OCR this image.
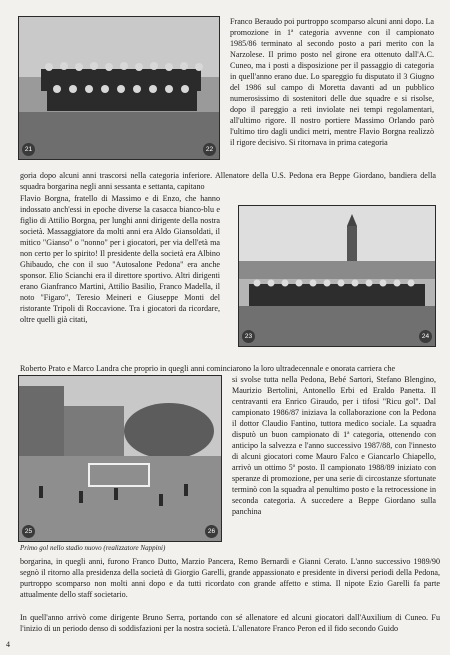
21	22
Franco Beraudo poi purtroppo scomparso alcuni anni dopo. La promozione in 1ª categoria avvenne con il campionato 1985/86 terminato al secondo posto a pari merito con la Narzolese. Il primo posto nel girone era ottenuto dall'A.C. Cuneo, ma i posti a disposizione per il passaggio di categoria in quell'anno erano due. Lo spareggio fu disputato il 3 Giugno del 1986 sul campo di Moretta davanti ad un pubblico numerosissimo di sostenitori delle due squadre e si risolse, dopo il pareggio a reti inviolate nei tempi regolamentari, all'ultimo rigore. Il nostro portiere Massimo Orlando parò l'ultimo tiro dagli undici metri, mentre Flavio Borgna realizzò il rigore decisivo. Si ritornava in prima categoria
goria dopo alcuni anni trascorsi nella categoria inferiore. Allenatore della U.S. Pedona era Beppe Giordano, bandiera della squadra borgarina negli anni sessanta e settanta, capitano
Flavio Borgna, fratello di Massimo e di Enzo, che hanno indossato anch'essi in epoche diverse la casacca bianco-blu e figlio di Attilio Borgna, per lunghi anni dirigente della nostra società. Massaggiatore da molti anni era Aldo Giansoldati, il mitico "Gianso" o "nonno" per i giocatori, per via dell'età ma non certo per lo spirito! Il presidente della società era Albino Ghibaudo, che con il suo "Autosalone Pedona" era anche sponsor. Elio Scianchi era il direttore sportivo. Altri dirigenti erano Gianfranco Martini, Attilio Basilio, Franco Madella, il noto "Figaro", Teresio Meineri e Giuseppe Monti del ristorante Tripoli di Roccavione. Tra i giocatori da ricordare, oltre quelli già citati,
23	24
Roberto Prato e Marco Landra che proprio in quegli anni cominciarono la loro ultradecennale e onorata carriera che
25	26
Primo gol nello stadio nuovo (realizzatore Nappini)
si svolse tutta nella Pedona, Bebé Sartori, Stefano Blengino, Maurizio Bertolini, Antonello Erbi ed Eraldo Panetta. Il centravanti era Enrico Giraudo, per i tifosi "Ricu gol". Dal campionato 1986/87 iniziava la collaborazione con la Pedona il dottor Claudio Fantino, tuttora medico sociale. La squadra disputò un buon campionato di 1ª categoria, ottenendo con anticipo la salvezza e l'anno successivo 1987/88, con l'innesto di alcuni giocatori come Mauro Falco e Giancarlo Chiapello, arrivò un ottimo 5º posto. Il campionato 1988/89 iniziato con speranze di promozione, per una serie di circostanze sfortunate terminò con la squadra al penultimo posto e la retrocessione in seconda categoria. A succedere a Beppe Giordano sulla panchina
borgarina, in quegli anni, furono Franco Dutto, Marzio Pancera, Remo Bernardi e Gianni Cerato. L'anno successivo 1989/90 segnò il ritorno alla presidenza della società di Giorgio Garelli, grande appassionato e presidente in diversi periodi della Pedona, purtroppo scomparso non molti anni dopo e da tutti ricordato con grande affetto e stima. Il nipote Ezio Garelli fa parte attualmente dello staff societario.
In quell'anno arrivò come dirigente Bruno Serra, portando con sé allenatore ed alcuni giocatori dall'Auxilium di Cuneo. Fu l'inizio di un periodo denso di soddisfazioni per la nostra società. L'allenatore Franco Peron ed il fido secondo Guido
4
